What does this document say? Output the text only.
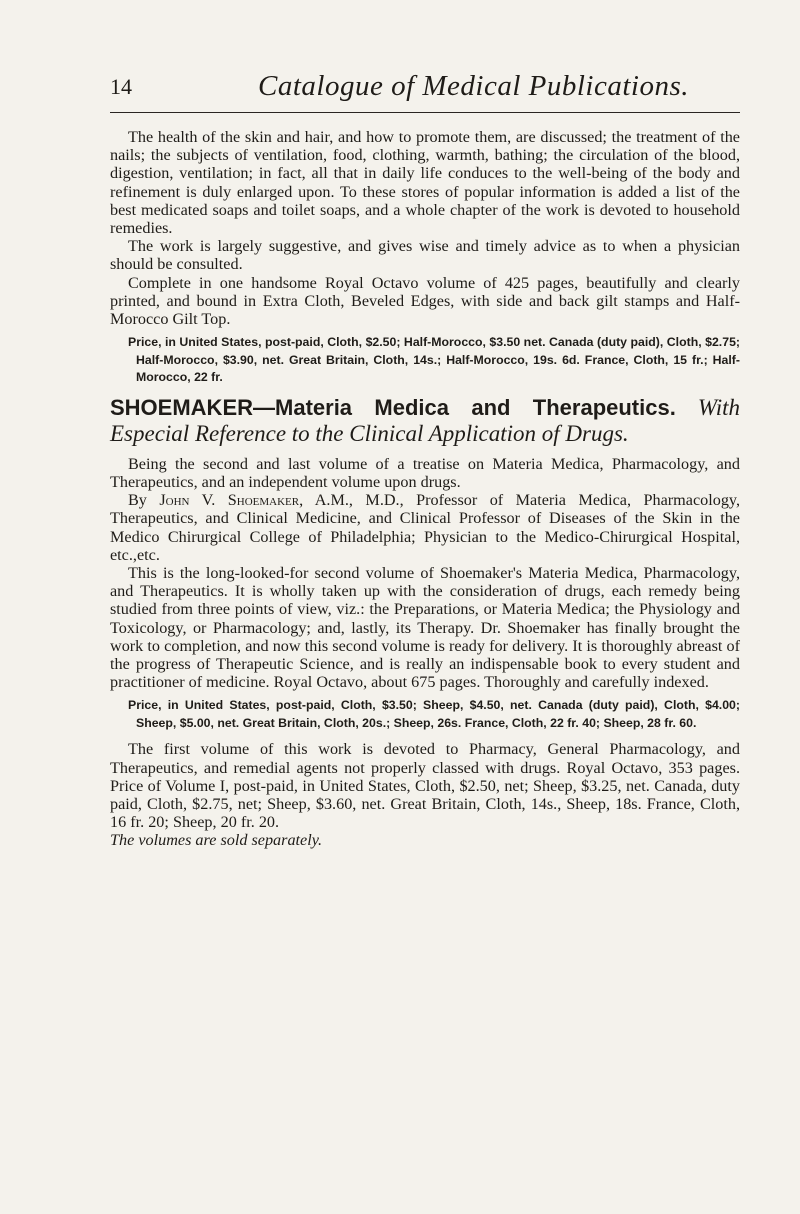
14	Catalogue of Medical Publications.

The health of the skin and hair, and how to promote them, are discussed; the treatment of the nails; the subjects of ventilation, food, clothing, warmth, bathing; the circulation of the blood, digestion, ventilation; in fact, all that in daily life conduces to the well-being of the body and refinement is duly enlarged upon. To these stores of popular information is added a list of the best medicated soaps and toilet soaps, and a whole chapter of the work is devoted to household remedies.

The work is largely suggestive, and gives wise and timely advice as to when a physician should be consulted.

Complete in one handsome Royal Octavo volume of 425 pages, beautifully and clearly printed, and bound in Extra Cloth, Beveled Edges, with side and back gilt stamps and Half-Morocco Gilt Top.

Price, in United States, post-paid, Cloth, $2.50; Half-Morocco, $3.50 net. Canada (duty paid), Cloth, $2.75; Half-Morocco, $3.90, net. Great Britain, Cloth, 14s.; Half-Morocco, 19s. 6d. France, Cloth, 15 fr.; Half-Morocco, 22 fr.

SHOEMAKER—Materia Medica and Therapeutics. With Especial Reference to the Clinical Application of Drugs.

Being the second and last volume of a treatise on Materia Medica, Pharmacology, and Therapeutics, and an independent volume upon drugs.

By John V. Shoemaker, A.M., M.D., Professor of Materia Medica, Pharmacology, Therapeutics, and Clinical Medicine, and Clinical Professor of Diseases of the Skin in the Medico Chirurgical College of Philadelphia; Physician to the Medico-Chirurgical Hospital, etc.,etc.

This is the long-looked-for second volume of Shoemaker's Materia Medica, Pharmacology, and Therapeutics. It is wholly taken up with the consideration of drugs, each remedy being studied from three points of view, viz.: the Preparations, or Materia Medica; the Physiology and Toxicology, or Pharmacology; and, lastly, its Therapy. Dr. Shoemaker has finally brought the work to completion, and now this second volume is ready for delivery. It is thoroughly abreast of the progress of Therapeutic Science, and is really an indispensable book to every student and practitioner of medicine. Royal Octavo, about 675 pages. Thoroughly and carefully indexed.

Price, in United States, post-paid, Cloth, $3.50; Sheep, $4.50, net. Canada (duty paid), Cloth, $4.00; Sheep, $5.00, net. Great Britain, Cloth, 20s.; Sheep, 26s. France, Cloth, 22 fr. 40; Sheep, 28 fr. 60.

The first volume of this work is devoted to Pharmacy, General Pharmacology, and Therapeutics, and remedial agents not properly classed with drugs. Royal Octavo, 353 pages. Price of Volume I, post-paid, in United States, Cloth, $2.50, net; Sheep, $3.25, net. Canada, duty paid, Cloth, $2.75, net; Sheep, $3.60, net. Great Britain, Cloth, 14s., Sheep, 18s. France, Cloth, 16 fr. 20; Sheep, 20 fr. 20.

The volumes are sold separately.
